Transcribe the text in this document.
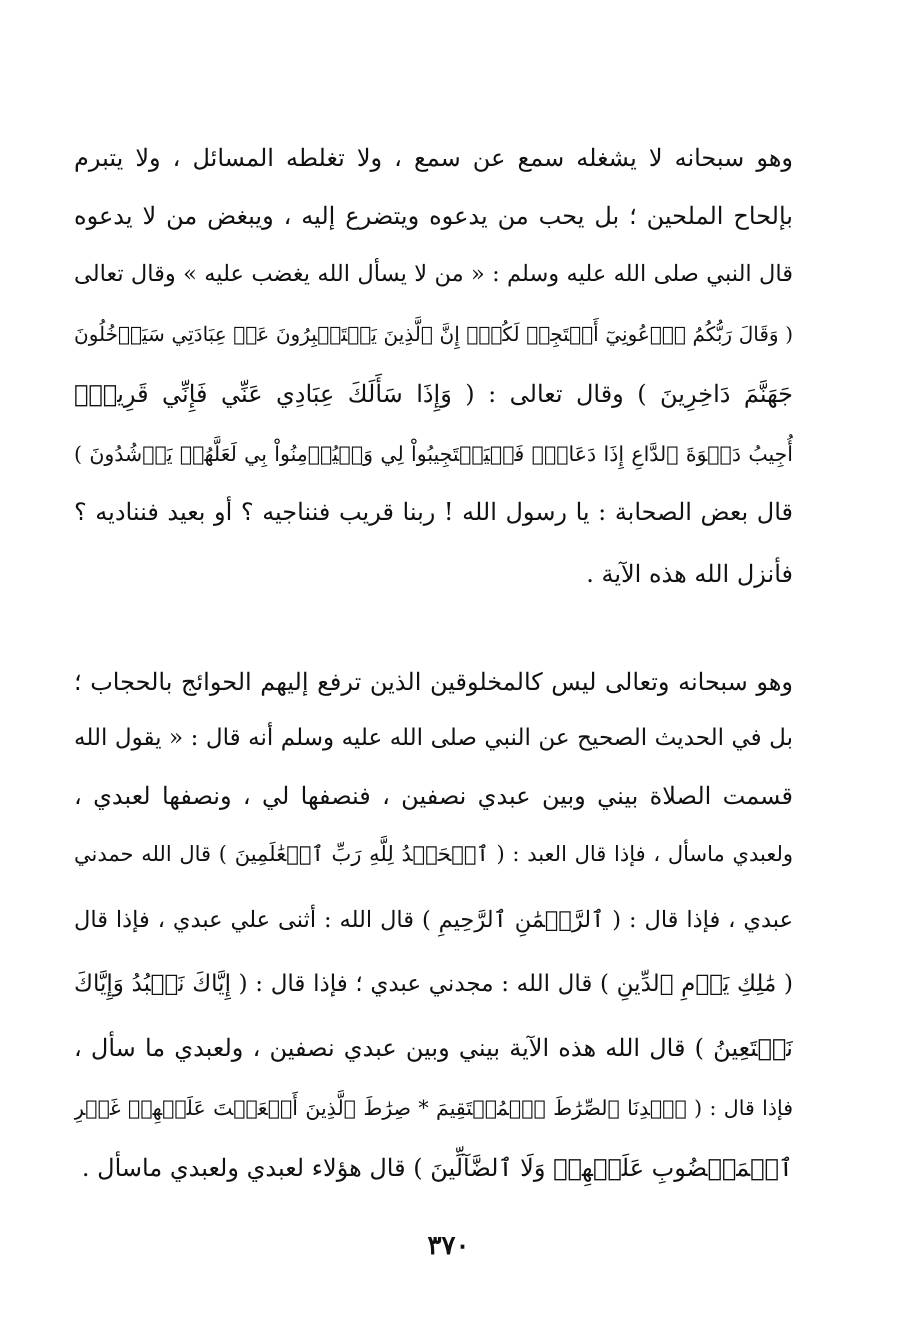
وهو سبحانه لا يشغله سمع عن سمع ، ولا تغلطه المسائل ، ولا يتبرم
بإلحاح الملحين ؛ بل يحب من يدعوه ويتضرع إليه ، ويبغض من لا يدعوه
قال النبي صلى الله عليه وسلم : « من لا يسأل الله يغضب عليه » وقال تعالى
( وَقَالَ رَبُّكُمُ ٱدۡعُونِيٓ أَسۡتَجِبۡ لَكُمۡۚ إِنَّ ٱلَّذِينَ يَسۡتَكۡبِرُونَ عَنۡ عِبَادَتِي سَيَدۡخُلُونَ
جَهَنَّمَ دَاخِرِينَ ) وقال تعالى : ( وَإِذَا سَأَلَكَ عِبَادِي عَنِّي فَإِنِّي قَرِيبٌۖ
أُجِيبُ دَعۡوَةَ ٱلدَّاعِ إِذَا دَعَانِۖ فَلۡيَسۡتَجِيبُواْ لِي وَلۡيُؤۡمِنُواْ بِي لَعَلَّهُمۡ يَرۡشُدُونَ )
قال بعض الصحابة : يا رسول الله ! ربنا قريب فنناجيه ؟ أو بعيد فنناديه ؟
فأنزل الله هذه الآية .
وهو سبحانه وتعالى ليس كالمخلوقين الذين ترفع إليهم الحوائج بالحجاب ؛
بل في الحديث الصحيح عن النبي صلى الله عليه وسلم أنه قال : « يقول الله
قسمت الصلاة بيني وبين عبدي نصفين ، فنصفها لي ، ونصفها لعبدي ،
ولعبدي ماسأل ، فإذا قال العبد : ( ٱلۡحَمۡدُ لِلَّهِ رَبِّ ٱلۡعَٰلَمِينَ ) قال الله حمدني
عبدي ، فإذا قال : ( ٱلرَّحۡمَٰنِ ٱلرَّحِيمِ ) قال الله : أثنى علي عبدي ، فإذا قال
( مَٰلِكِ يَوۡمِ ٱلدِّينِ ) قال الله : مجدني عبدي ؛ فإذا قال : ( إِيَّاكَ نَعۡبُدُ وَإِيَّاكَ
نَسۡتَعِينُ ) قال الله هذه الآية بيني وبين عبدي نصفين ، ولعبدي ما سأل ،
فإذا قال : ( ٱهۡدِنَا ٱلصِّرَٰطَ ٱلۡمُسۡتَقِيمَ * صِرَٰطَ ٱلَّذِينَ أَنۡعَمۡتَ عَلَيۡهِمۡ غَيۡرِ
ٱلۡمَغۡضُوبِ عَلَيۡهِمۡ وَلَا ٱلضَّآلِّينَ ) قال هؤلاء لعبدي ولعبدي ماسأل .
٣٧٠
